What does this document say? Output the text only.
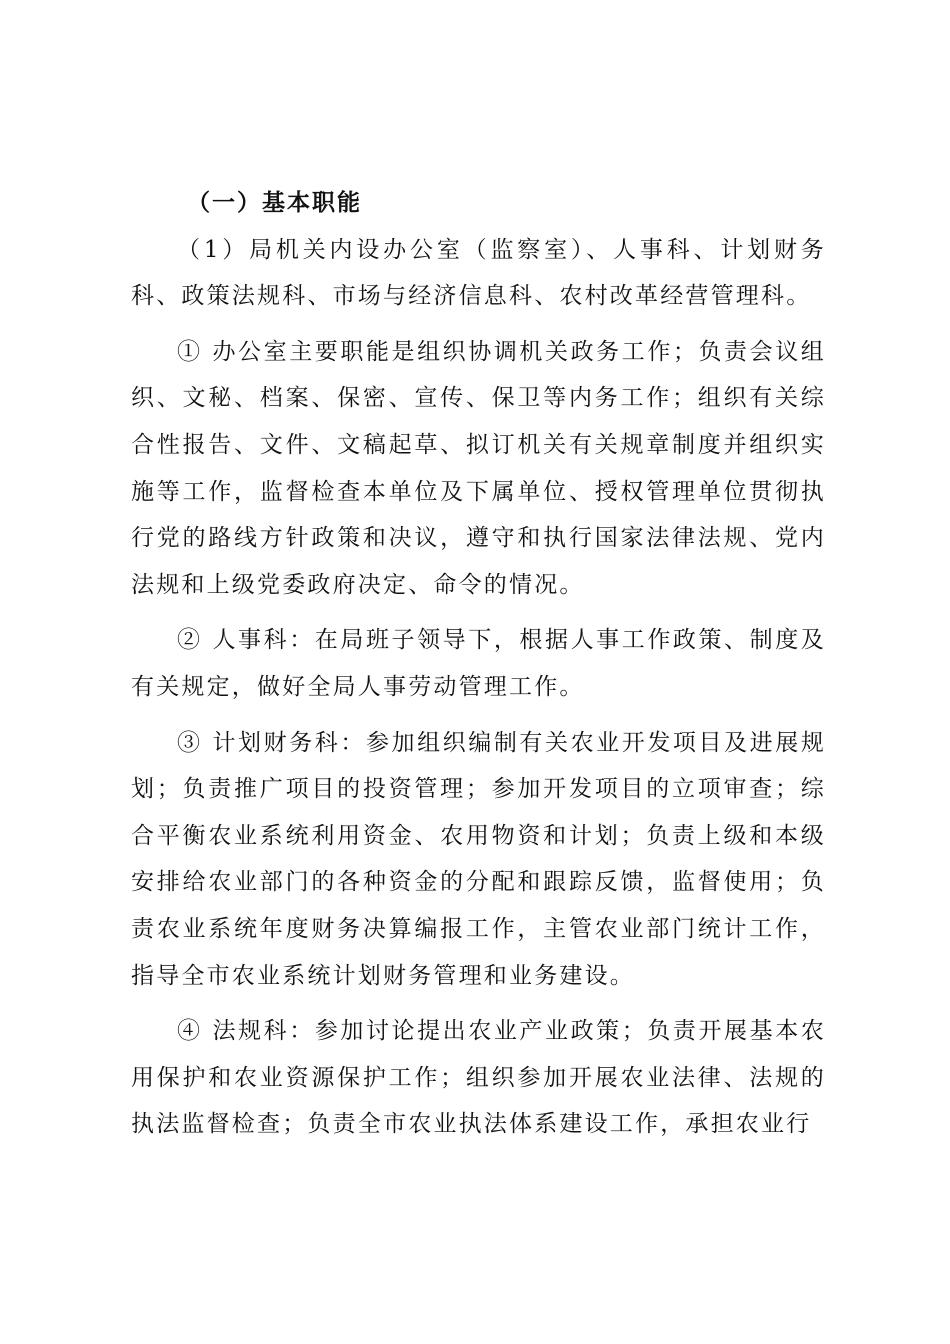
（一）基本职能

（1）局机关内设办公室（监察室）、人事科、计划财务科、政策法规科、市场与经济信息科、农村改革经营管理科。

① 办公室主要职能是组织协调机关政务工作；负责会议组织、文秘、档案、保密、宣传、保卫等内务工作；组织有关综合性报告、文件、文稿起草、拟订机关有关规章制度并组织实施等工作，监督检查本单位及下属单位、授权管理单位贯彻执行党的路线方针政策和决议，遵守和执行国家法律法规、党内法规和上级党委政府决定、命令的情况。

② 人事科：在局班子领导下，根据人事工作政策、制度及有关规定，做好全局人事劳动管理工作。

③ 计划财务科：参加组织编制有关农业开发项目及进展规划；负责推广项目的投资管理；参加开发项目的立项审查；综合平衡农业系统利用资金、农用物资和计划；负责上级和本级安排给农业部门的各种资金的分配和跟踪反馈，监督使用；负责农业系统年度财务决算编报工作，主管农业部门统计工作，指导全市农业系统计划财务管理和业务建设。

④ 法规科：参加讨论提出农业产业政策；负责开展基本农用保护和农业资源保护工作；组织参加开展农业法律、法规的执法监督检查；负责全市农业执法体系建设工作，承担农业行
